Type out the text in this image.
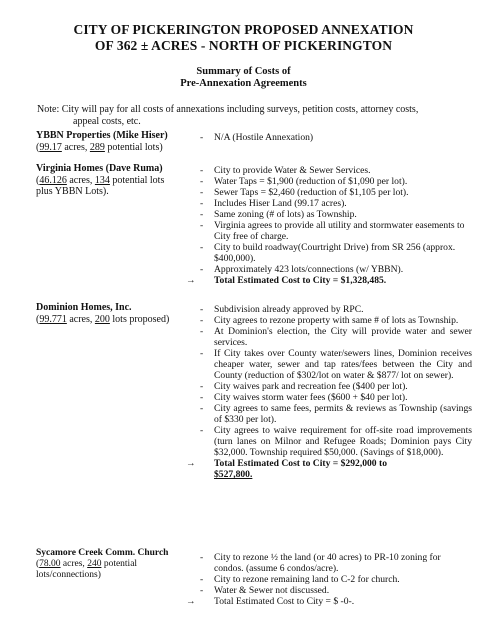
CITY OF PICKERINGTON PROPOSED ANNEXATION
OF 362 ± ACRES - NORTH OF PICKERINGTON
Summary of Costs of
Pre-Annexation Agreements
Note: City will pay for all costs of annexations including surveys, petition costs, attorney costs,
appeal costs, etc.
YBBN Properties (Mike Hiser)
(99.17 acres, 289 potential lots)
-	N/A (Hostile Annexation)
Virginia Homes (Dave Ruma)
(46.126 acres, 134 potential lots
plus YBBN Lots).
-	City to provide Water & Sewer Services.
-	Water Taps = $1,900 (reduction of $1,090 per lot).
-	Sewer Taps = $2,460 (reduction of $1,105 per lot).
-	Includes Hiser Land (99.17 acres).
-	Same zoning (# of lots) as Township.
-	Virginia agrees to provide all utility and stormwater easements to City free of charge.
-	City to build roadway(Courtright Drive) from SR 256 (approx. $400,000).
-	Approximately 423 lots/connections (w/ YBBN).
→ Total Estimated Cost to City = $1,328,485.
Dominion Homes, Inc.
(99.771 acres, 200 lots proposed)
-	Subdivision already approved by RPC.
-	City agrees to rezone property with same # of lots as Township.
-	At Dominion's election, the City will provide water and sewer services.
-	If City takes over County water/sewers lines, Dominion receives cheaper water, sewer and tap rates/fees between the City and County (reduction of $302/lot on water & $877/ lot on sewer).
-	City waives park and recreation fee ($400 per lot).
-	City waives storm water fees ($600 + $40 per lot).
-	City agrees to same fees, permits & reviews as Township (savings of $330 per lot).
-	City agrees to waive requirement for off-site road improvements (turn lanes on Milnor and Refugee Roads; Dominion pays City $32,000. Township required $50,000. (Savings of $18,000).
→ Total Estimated Cost to City = $292,000 to
$527,800.
Sycamore Creek Comm. Church
(78.00 acres, 240 potential
lots/connections)
-	City to rezone ½ the land (or 40 acres) to PR-10 zoning for condos. (assume 6 condos/acre).
-	City to rezone remaining land to C-2 for church.
-	Water & Sewer not discussed.
→ Total Estimated Cost to City = $ -0-.
